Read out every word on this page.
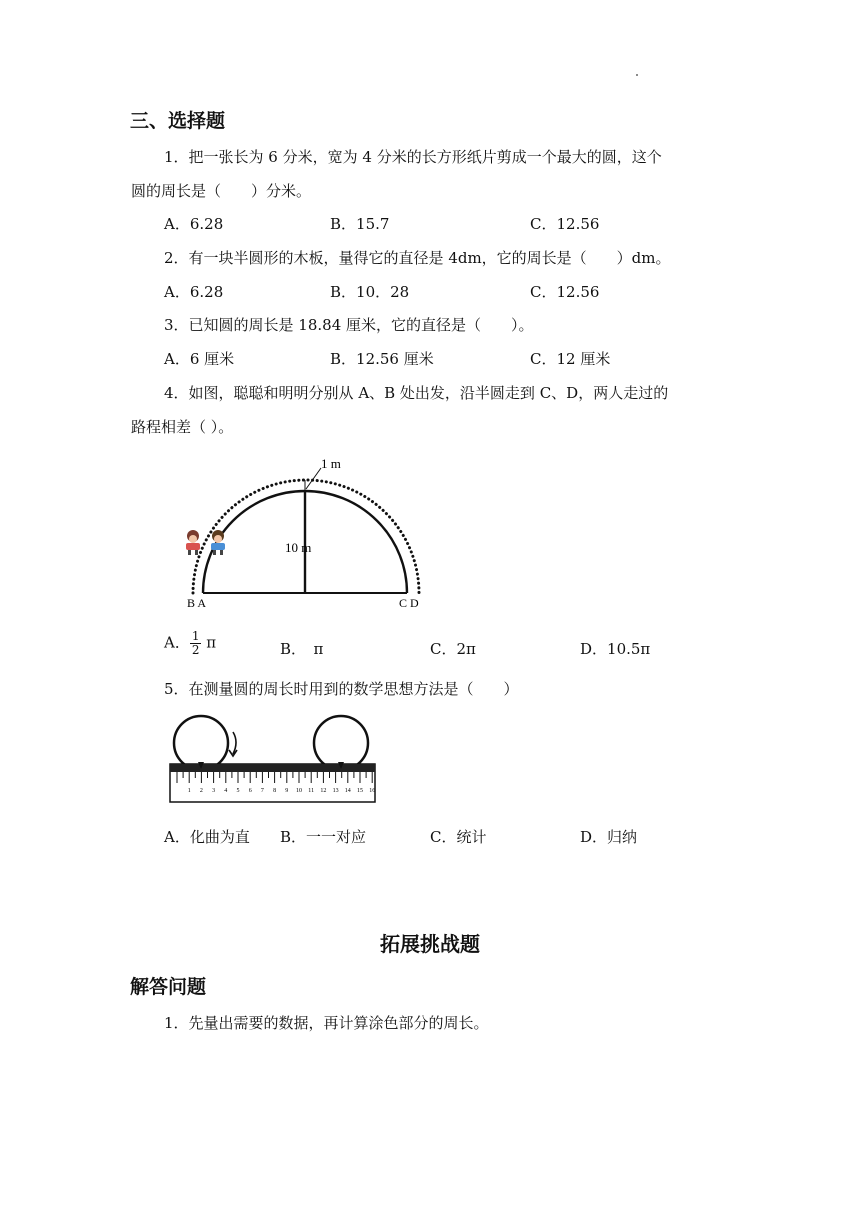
三、选择题
1．把一张长为 6 分米，宽为 4 分米的长方形纸片剪成一个最大的圆，这个
圆的周长是（　　）分米。
A．6.28	B．15.7	C．12.56
2．有一块半圆形的木板，量得它的直径是 4dm，它的周长是（　　）dm。
A．6.28	B．10．28	C．12.56
3．已知圆的周长是 18.84 厘米，它的直径是（　　）。
A．6 厘米	B．12.56 厘米	C．12 厘米
4．如图，聪聪和明明分别从 A、B 处出发，沿半圆走到 C、D，两人走过的
路程相差（ ）。
1 m
10 m
B A	C D
A． $\frac{1}{2}$ π	B．　π	C．2π	D．10.5π
5．在测量圆的周长时用到的数学思想方法是（　　）
1 2 3 4 5 6 7 8 9 10 11 12 13 14 15 16
A．化曲为直 B．一一对应	C．统计	D．归纳
拓展挑战题
解答问题
1．先量出需要的数据，再计算涂色部分的周长。
